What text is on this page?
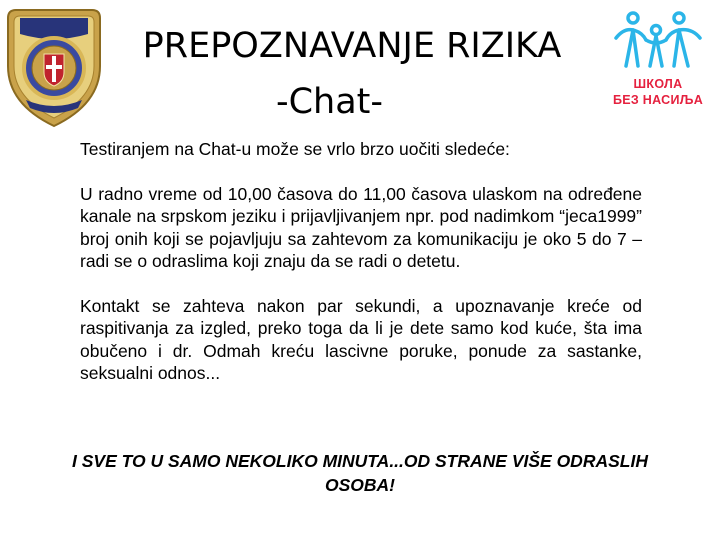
PREPOZNAVANJE RIZIKA
-Chat-	ШКОЛА
БЕЗ НАСИЉА

Testiranjem na Chat-u može se vrlo brzo uočiti sledeće:

U radno vreme od 10,00 časova do 11,00 časova ulaskom na određene kanale na srpskom jeziku i prijavljivanjem npr. pod nadimkom “jeca1999” broj onih koji se pojavljuju sa zahtevom za komunikaciju je oko 5 do 7 – radi se o odraslima koji znaju da se radi o detetu.

Kontakt se zahteva nakon par sekundi, a upoznavanje kreće od raspitivanja za izgled, preko toga da li je dete samo kod kuće, šta ima obučeno i dr. Odmah kreću lascivne poruke, ponude za sastanke, seksualni odnos...

I SVE TO U SAMO NEKOLIKO MINUTA...OD STRANE VIŠE ODRASLIH OSOBA!
